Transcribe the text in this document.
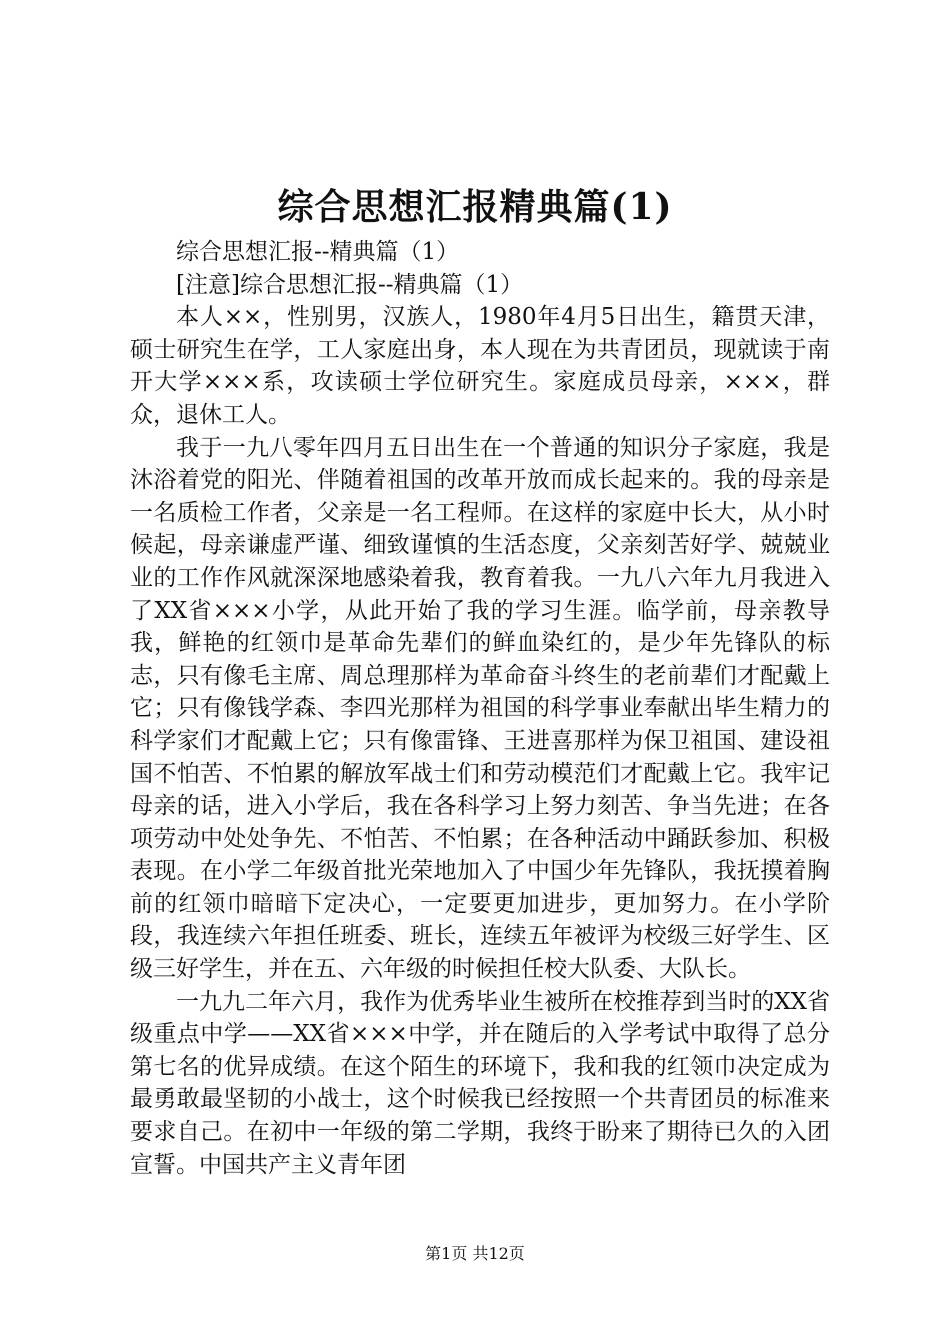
综合思想汇报精典篇(1)

综合思想汇报--精典篇（1）

[注意]综合思想汇报--精典篇（1）

本人××，性别男，汉族人，1980年4月5日出生，籍贯天津，硕士研究生在学，工人家庭出身，本人现在为共青团员，现就读于南开大学×××系，攻读硕士学位研究生。家庭成员母亲，×××，群众，退休工人。

我于一九八零年四月五日出生在一个普通的知识分子家庭，我是沐浴着党的阳光、伴随着祖国的改革开放而成长起来的。我的母亲是一名质检工作者，父亲是一名工程师。在这样的家庭中长大，从小时候起，母亲谦虚严谨、细致谨慎的生活态度，父亲刻苦好学、兢兢业业的工作作风就深深地感染着我，教育着我。一九八六年九月我进入了XX省×××小学，从此开始了我的学习生涯。临学前，母亲教导我，鲜艳的红领巾是革命先辈们的鲜血染红的，是少年先锋队的标志，只有像毛主席、周总理那样为革命奋斗终生的老前辈们才配戴上它；只有像钱学森、李四光那样为祖国的科学事业奉献出毕生精力的科学家们才配戴上它；只有像雷锋、王进喜那样为保卫祖国、建设祖国不怕苦、不怕累的解放军战士们和劳动模范们才配戴上它。我牢记母亲的话，进入小学后，我在各科学习上努力刻苦、争当先进；在各项劳动中处处争先、不怕苦、不怕累；在各种活动中踊跃参加、积极表现。在小学二年级首批光荣地加入了中国少年先锋队，我抚摸着胸前的红领巾暗暗下定决心，一定要更加进步，更加努力。在小学阶段，我连续六年担任班委、班长，连续五年被评为校级三好学生、区级三好学生，并在五、六年级的时候担任校大队委、大队长。

一九九二年六月，我作为优秀毕业生被所在校推荐到当时的XX省级重点中学——XX省×××中学，并在随后的入学考试中取得了总分第七名的优异成绩。在这个陌生的环境下，我和我的红领巾决定成为最勇敢最坚韧的小战士，这个时候我已经按照一个共青团员的标准来要求自己。在初中一年级的第二学期，我终于盼来了期待已久的入团宣誓。中国共产主义青年团

第1页 共12页
